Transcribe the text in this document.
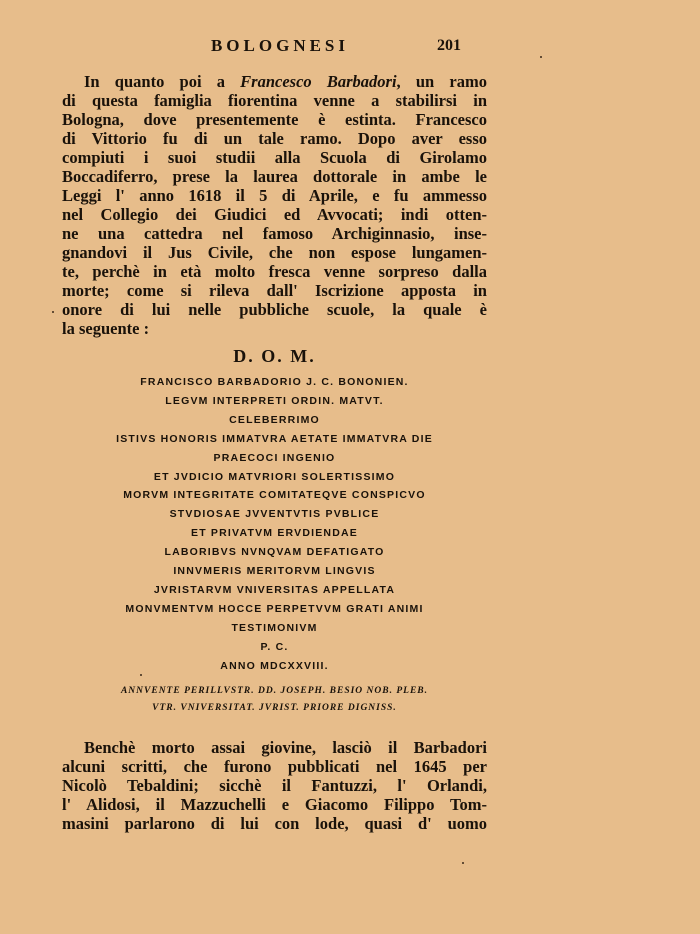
BOLOGNESI	201
In quanto poi a Francesco Barbadori, un ramo
di questa famiglia fiorentina venne a stabilirsi in
Bologna, dove presentemente è estinta. Francesco
di Vittorio fu di un tale ramo. Dopo aver esso
compiuti i suoi studii alla Scuola di Girolamo
Boccadiferro, prese la laurea dottorale in ambe le
Leggi l' anno 1618 il 5 di Aprile, e fu ammesso
nel Collegio dei Giudici ed Avvocati; indi otten-
ne una cattedra nel famoso Archiginnasio, inse-
gnandovi il Jus Civile, che non espose lungamen-
te, perchè in età molto fresca venne sorpreso dalla
morte; come si rileva dall' Iscrizione apposta in
onore di lui nelle pubbliche scuole, la quale è
la seguente :
D. O. M.
FRANCISCO BARBADORIO J. C. BONONIEN.
LEGVM INTERPRETI ORDIN. MATVT.
CELEBERRIMO
ISTIVS HONORIS IMMATVRA AETATE IMMATVRA DIE
PRAECOCI INGENIO
ET JVDICIO MATVRIORI SOLERTISSIMO
MORVM INTEGRITATE COMITATEQVE CONSPICVO
STVDIOSAE JVVENTVTIS PVBLICE
ET PRIVATVM ERVDIENDAE
LABORIBVS NVNQVAM DEFATIGATO
INNVMERIS MERITORVM LINGVIS
JVRISTARVM VNIVERSITAS APPELLATA
MONVMENTVM HOCCE PERPETVVM GRATI ANIMI
TESTIMONIVM
P. C.
ANNO MDCXXVIII.
ANNVENTE PERILLVSTR. DD. JOSEPH. BESIO NOB. PLEB.
VTR. VNIVERSITAT. JVRIST. PRIORE DIGNISS.
Benchè morto assai giovine, lasciò il Barbadori
alcuni scritti, che furono pubblicati nel 1645 per
Nicolò Tebaldini; sicchè il Fantuzzi, l' Orlandi,
l' Alidosi, il Mazzuchelli e Giacomo Filippo Tom-
masini parlarono di lui con lode, quasi d' uomo
